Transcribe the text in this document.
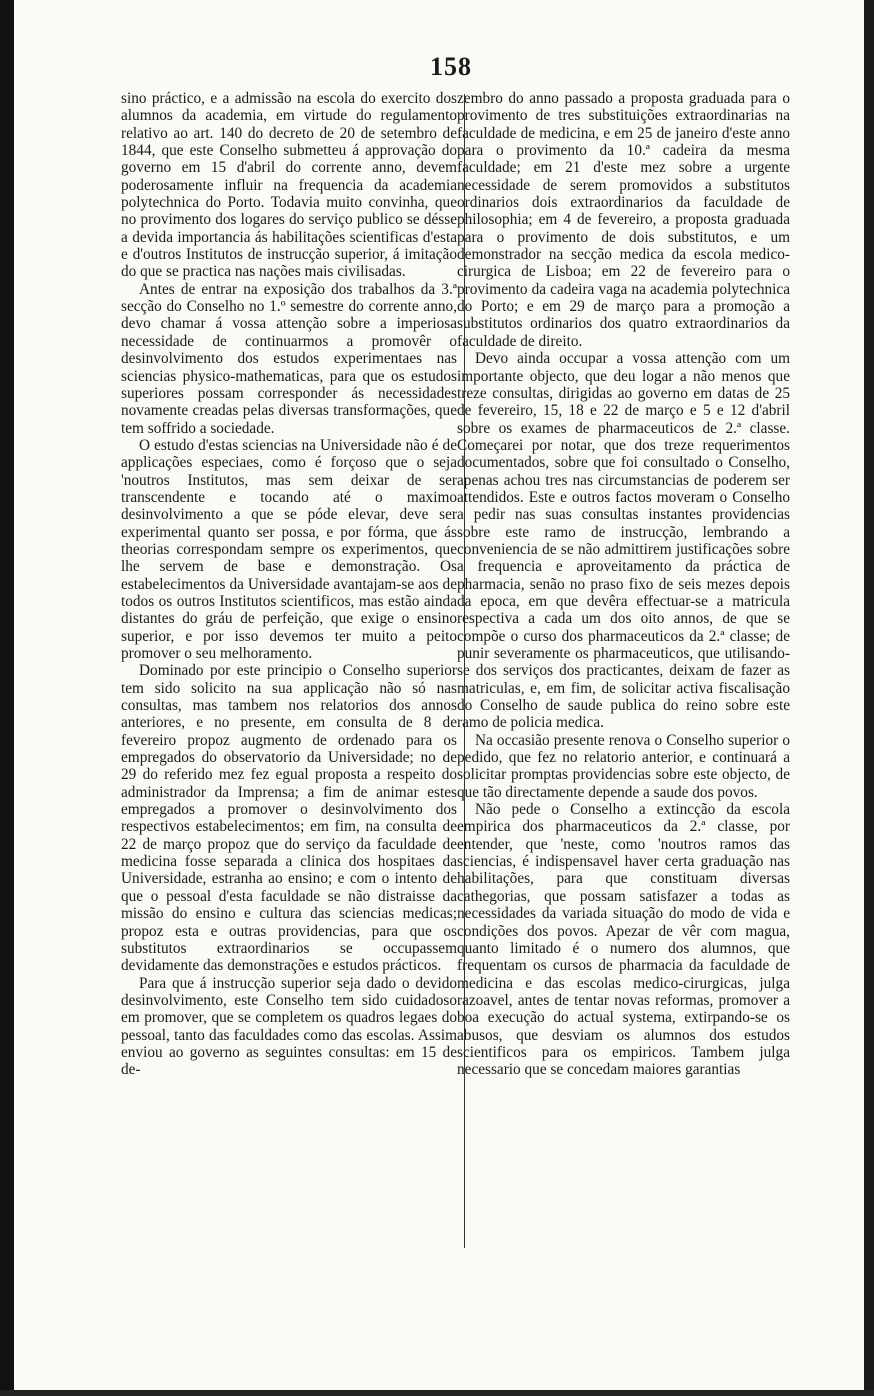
158

sino práctico, e a admissão na escola do exercito dos alumnos da academia, em virtude do regulamento relativo ao art. 140 do decreto de 20 de setembro de 1844, que este Conselho submetteu á approvação do governo em 15 d'abril do corrente anno, devem poderosamente influir na frequencia da academia polytechnica do Porto. Todavia muito convinha, que no provimento dos logares do serviço publico se désse a devida importancia ás habilitações scientificas d'esta e d'outros Institutos de instrucção superior, á imitação do que se practica nas nações mais civilisadas.

Antes de entrar na exposição dos trabalhos da 3.ª secção do Conselho no 1.º semestre do corrente anno, devo chamar á vossa attenção sobre a imperiosa necessidade de continuarmos a promovêr o desinvolvimento dos estudos experimentaes nas sciencias physico-mathematicas, para que os estudos superiores possam corresponder ás necessidades novamente creadas pelas diversas transformações, que tem soffrido a sociedade.

O estudo d'estas sciencias na Universidade não é de applicações especiaes, como é forçoso que o seja 'noutros Institutos, mas sem deixar de ser transcendente e tocando até o maximo desinvolvimento a que se póde elevar, deve ser experimental quanto ser possa, e por fórma, que ás theorias correspondam sempre os experimentos, que lhe servem de base e demonstração. Os estabelecimentos da Universidade avantajam-se aos de todos os outros Institutos scientificos, mas estão ainda distantes do gráu de perfeição, que exige o ensino superior, e por isso devemos ter muito a peito promover o seu melhoramento.

Dominado por este principio o Conselho superior tem sido solicito na sua applicação não só nas consultas, mas tambem nos relatorios dos annos anteriores, e no presente, em consulta de 8 de fevereiro propoz augmento de ordenado para os empregados do observatorio da Universidade; no de 29 do referido mez fez egual proposta a respeito do administrador da Imprensa; a fim de animar estes empregados a promover o desinvolvimento dos respectivos estabelecimentos; em fim, na consulta de 22 de março propoz que do serviço da faculdade de medicina fosse separada a clinica dos hospitaes da Universidade, estranha ao ensino; e com o intento de que o pessoal d'esta faculdade se não distraisse da missão do ensino e cultura das sciencias medicas; propoz esta e outras providencias, para que os substitutos extraordinarios se occupassem devidamente das demonstrações e estudos prácticos.

Para que á instrucção superior seja dado o devido desinvolvimento, este Conselho tem sido cuidadoso em promover, que se completem os quadros legaes do pessoal, tanto das faculdades como das escolas. Assim enviou ao governo as seguintes consultas: em 15 de de-

zembro do anno passado a proposta graduada para o provimento de tres substituições extraordinarias na faculdade de medicina, e em 25 de janeiro d'este anno para o provimento da 10.ª cadeira da mesma faculdade; em 21 d'este mez sobre a urgente necessidade de serem promovidos a substitutos ordinarios dois extraordinarios da faculdade de philosophia; em 4 de fevereiro, a proposta graduada para o provimento de dois substitutos, e um demonstrador na secção medica da escola medico-cirurgica de Lisboa; em 22 de fevereiro para o provimento da cadeira vaga na academia polytechnica do Porto; e em 29 de março para a promoção a substitutos ordinarios dos quatro extraordinarios da faculdade de direito.

Devo ainda occupar a vossa attenção com um importante objecto, que deu logar a não menos que treze consultas, dirigidas ao governo em datas de 25 de fevereiro, 15, 18 e 22 de março e 5 e 12 d'abril sobre os exames de pharmaceuticos de 2.ª classe. Começarei por notar, que dos treze requerimentos documentados, sobre que foi consultado o Conselho, apenas achou tres nas circumstancias de poderem ser attendidos. Este e outros factos moveram o Conselho a pedir nas suas consultas instantes providencias sobre este ramo de instrucção, lembrando a conveniencia de se não admittirem justificações sobre a frequencia e aproveitamento da práctica de pharmacia, senão no praso fixo de seis mezes depois da epoca, em que devêra effectuar-se a matricula respectiva a cada um dos oito annos, de que se compõe o curso dos pharmaceuticos da 2.ª classe; de punir severamente os pharmaceuticos, que utilisando-se dos serviços dos practicantes, deixam de fazer as matriculas, e, em fim, de solicitar activa fiscalisação do Conselho de saude publica do reino sobre este ramo de policia medica.

Na occasião presente renova o Conselho superior o pedido, que fez no relatorio anterior, e continuará a solicitar promptas providencias sobre este objecto, de que tão directamente depende a saude dos povos.

Não pede o Conselho a extincção da escola empirica dos pharmaceuticos da 2.ª classe, por entender, que 'neste, como 'noutros ramos das sciencias, é indispensavel haver certa graduação nas habilitações, para que constituam diversas cathegorias, que possam satisfazer a todas as necessidades da variada situação do modo de vida e condições dos povos. Apezar de vêr com magua, quanto limitado é o numero dos alumnos, que frequentam os cursos de pharmacia da faculdade de medicina e das escolas medico-cirurgicas, julga razoavel, antes de tentar novas reformas, promover a boa execução do actual systema, extirpando-se os abusos, que desviam os alumnos dos estudos scientificos para os empiricos. Tambem julga necessario que se concedam maiores garantias
